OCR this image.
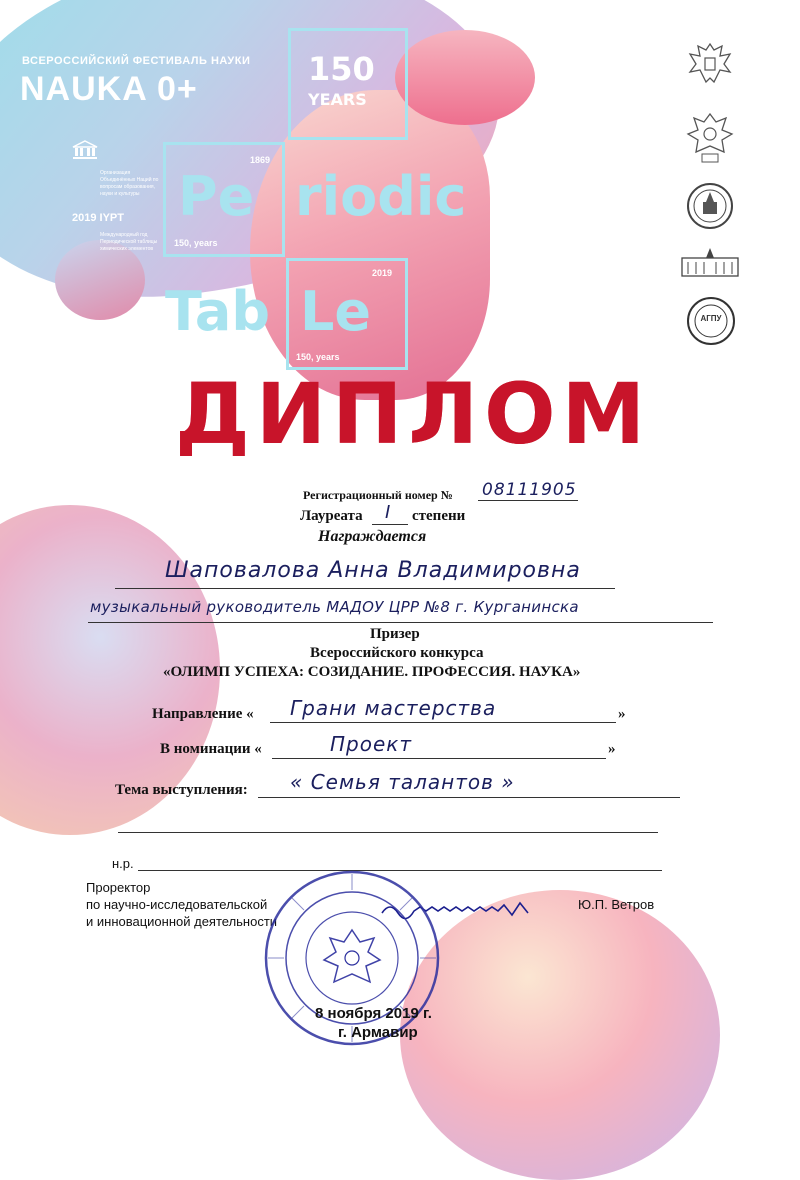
ВСЕРОССИЙСКИЙ ФЕСТИВАЛЬ НАУКИ
NAUKA 0+
Организация Объединённых Наций по вопросам образования, науки и культуры
2019 IYPT
Международный год Периодической таблицы химических элементов
150
YEARS
1869
Pe
150, years
riodic
2019
Tab Le
150, years
АГПУ
ДИПЛОМ
Регистрационный номер № 08111905
Лауреата I степени
Награждается
Шаповалова Анна Владимировна
музыкальный руководитель МАДОУ ЦРР №8 г. Курганинска
Призер
Всероссийского конкурса
«ОЛИМП УСПЕХА: СОЗИДАНИЕ. ПРОФЕССИЯ. НАУКА»
Направление « Грани мастерства	»
В номинации «	Проект	»
Тема выступления: « Семья талантов »
н.р.
Проректор
по научно-исследовательской
и инновационной деятельности
Ю.П. Ветров
8 ноября 2019 г.
г. Армавир
